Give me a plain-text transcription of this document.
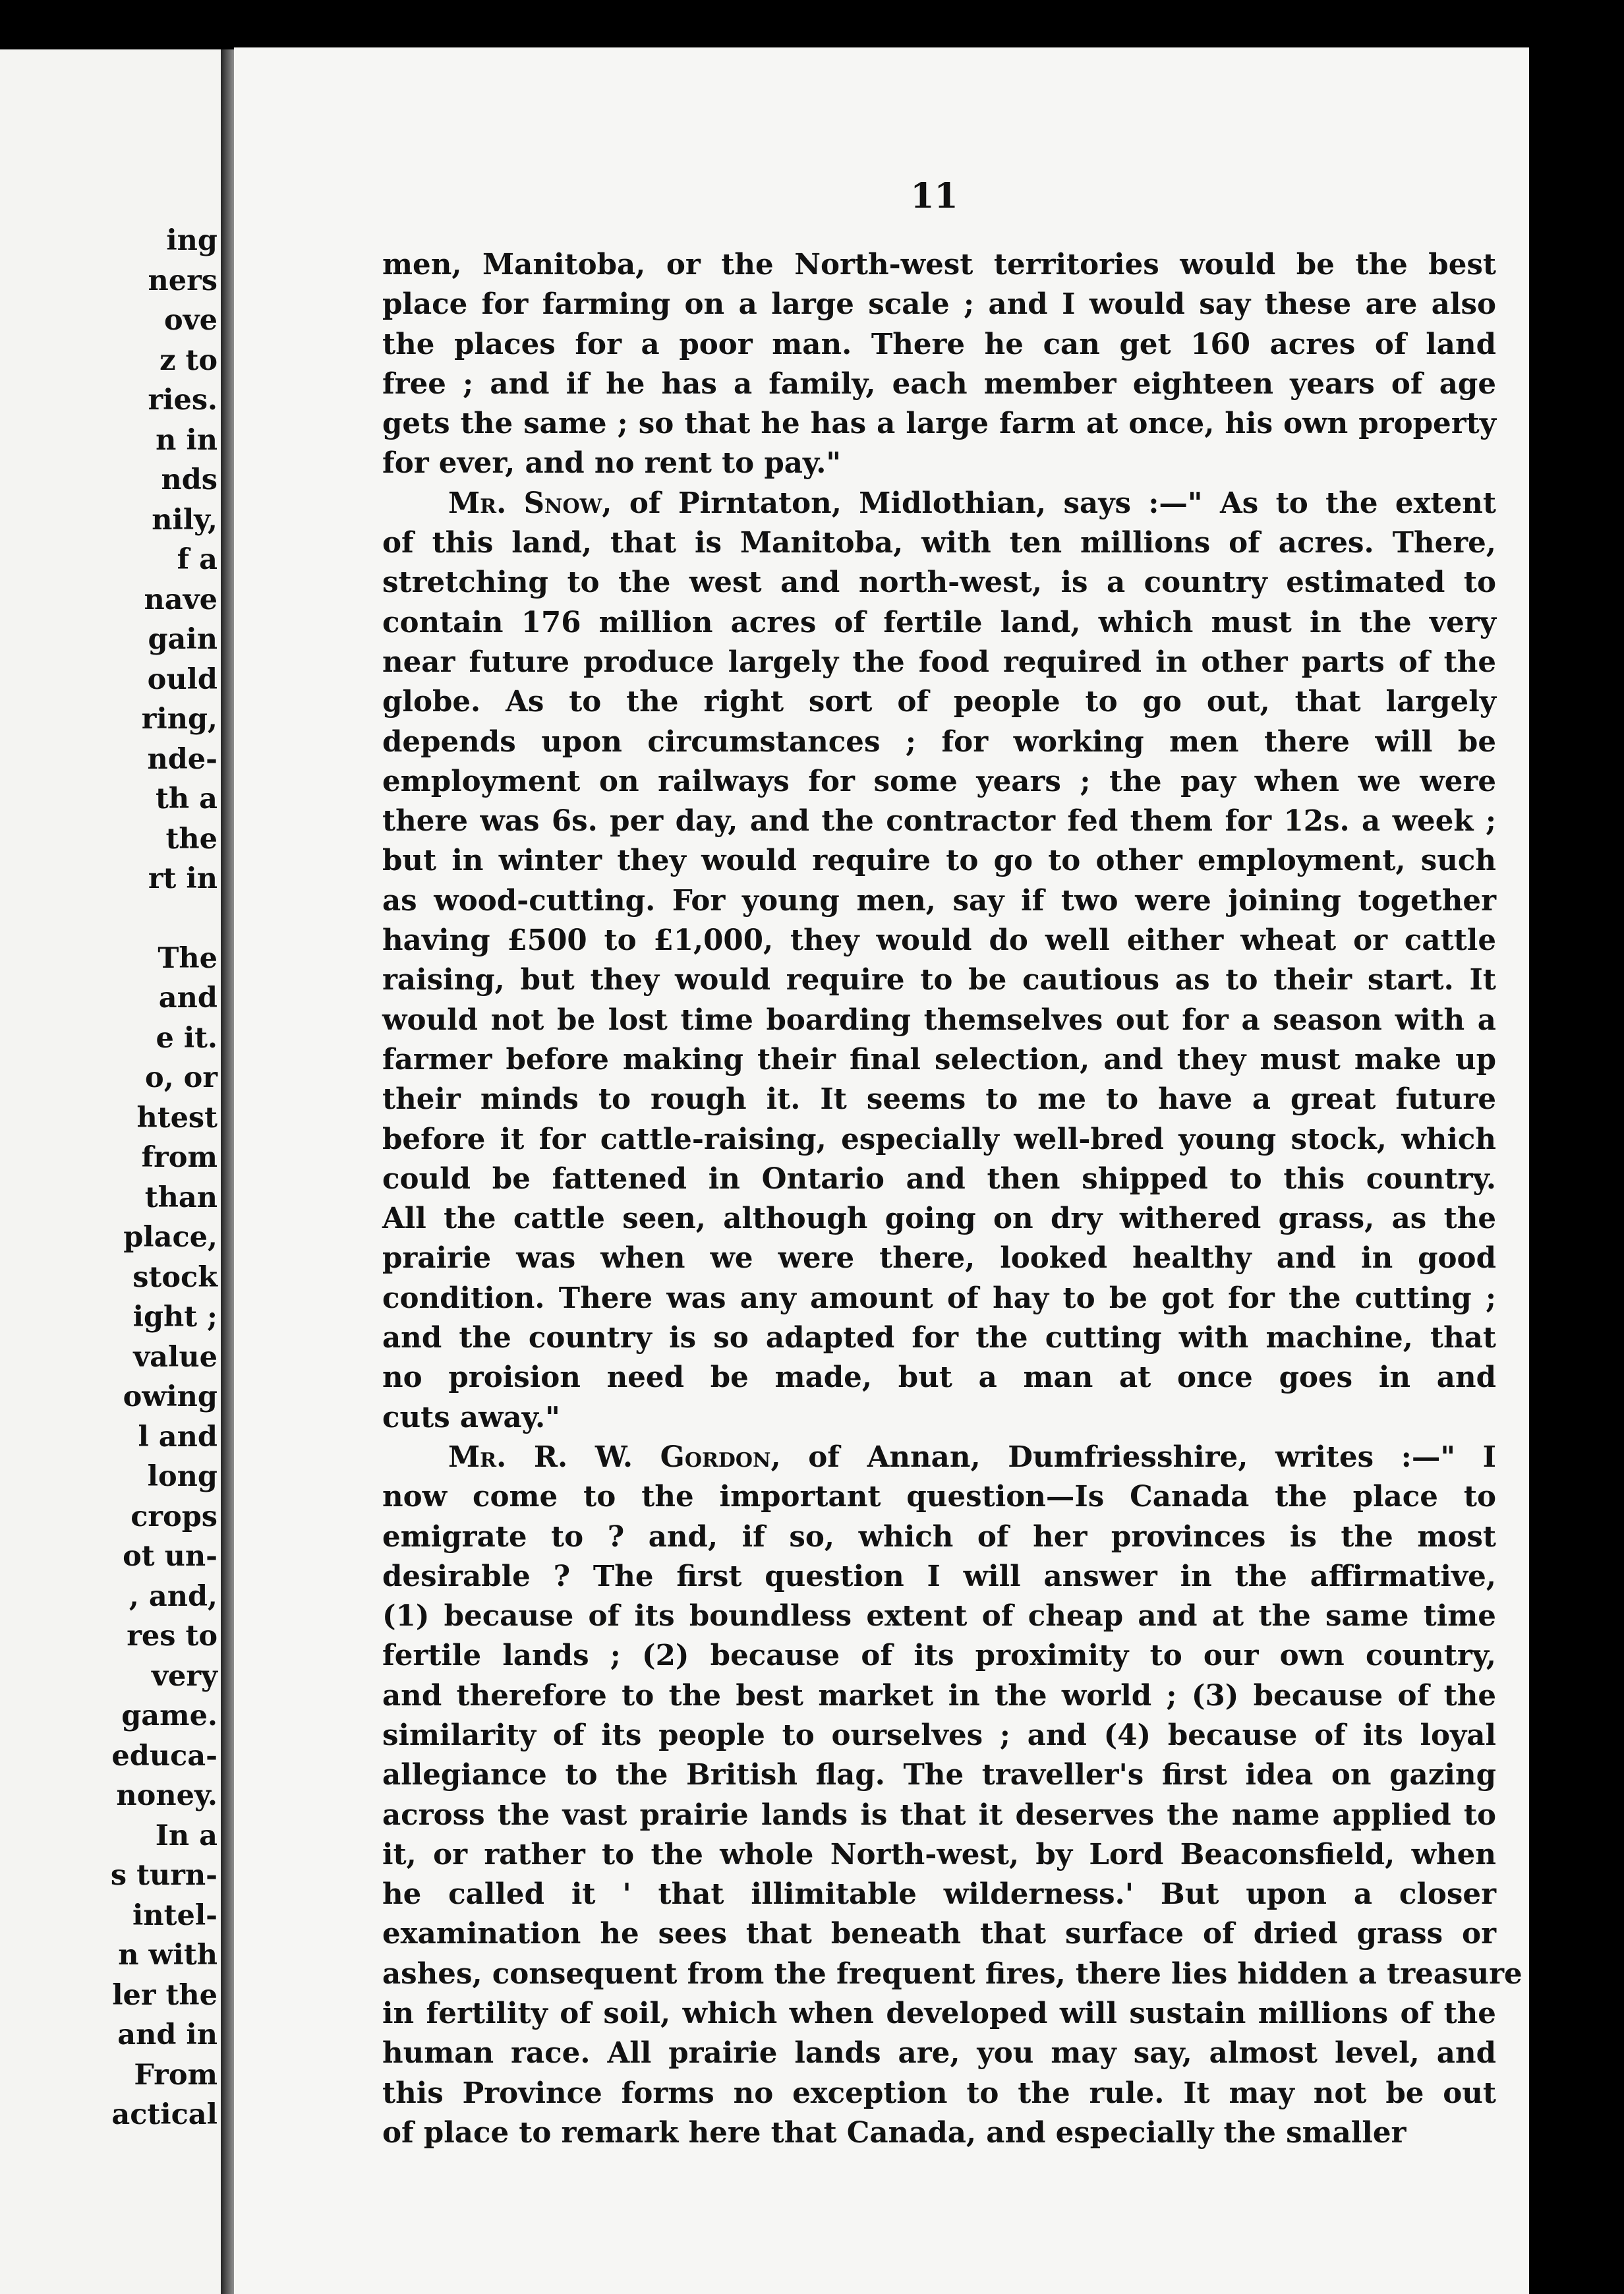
ing
ners
ove
z to
ries.
n in
nds
nily,
f a
nave
gain
ould
ring,
nde-
th a
the
rt in
The
and
e it.
o, or
htest
from
than
place,
stock
ight ;
value
owing
l and
long
crops
ot un-
, and,
res to
very
game.
educa-
noney.
In a
s turn-
intel-
n with
ler the
and in
From
actical
11
men, Manitoba, or the North-west territories would be the best
place for farming on a large scale ; and I would say these are also
the places for a poor man. There he can get 160 acres of land
free ; and if he has a family, each member eighteen years of age
gets the same ; so that he has a large farm at once, his own property
for ever, and no rent to pay."
Mr. Snow, of Pirntaton, Midlothian, says :—" As to the extent
of this land, that is Manitoba, with ten millions of acres. There,
stretching to the west and north-west, is a country estimated to
contain 176 million acres of fertile land, which must in the very
near future produce largely the food required in other parts of the
globe. As to the right sort of people to go out, that largely
depends upon circumstances ; for working men there will be
employment on railways for some years ; the pay when we were
there was 6s. per day, and the contractor fed them for 12s. a week ;
but in winter they would require to go to other employment, such
as wood-cutting. For young men, say if two were joining together
having £500 to £1,000, they would do well either wheat or cattle
raising, but they would require to be cautious as to their start. It
would not be lost time boarding themselves out for a season with a
farmer before making their final selection, and they must make up
their minds to rough it. It seems to me to have a great future
before it for cattle-raising, especially well-bred young stock, which
could be fattened in Ontario and then shipped to this country.
All the cattle seen, although going on dry withered grass, as the
prairie was when we were there, looked healthy and in good
condition. There was any amount of hay to be got for the cutting ;
and the country is so adapted for the cutting with machine, that
no proision need be made, but a man at once goes in and
cuts away."
Mr. R. W. Gordon, of Annan, Dumfriesshire, writes :—" I
now come to the important question—Is Canada the place to
emigrate to ? and, if so, which of her provinces is the most
desirable ? The first question I will answer in the affirmative,
(1) because of its boundless extent of cheap and at the same time
fertile lands ; (2) because of its proximity to our own country,
and therefore to the best market in the world ; (3) because of the
similarity of its people to ourselves ; and (4) because of its loyal
allegiance to the British flag. The traveller's first idea on gazing
across the vast prairie lands is that it deserves the name applied to
it, or rather to the whole North-west, by Lord Beaconsfield, when
he called it ' that illimitable wilderness.' But upon a closer
examination he sees that beneath that surface of dried grass or
ashes, consequent from the frequent fires, there lies hidden a treasure
in fertility of soil, which when developed will sustain millions of the
human race. All prairie lands are, you may say, almost level, and
this Province forms no exception to the rule. It may not be out
of place to remark here that Canada, and especially the smaller
